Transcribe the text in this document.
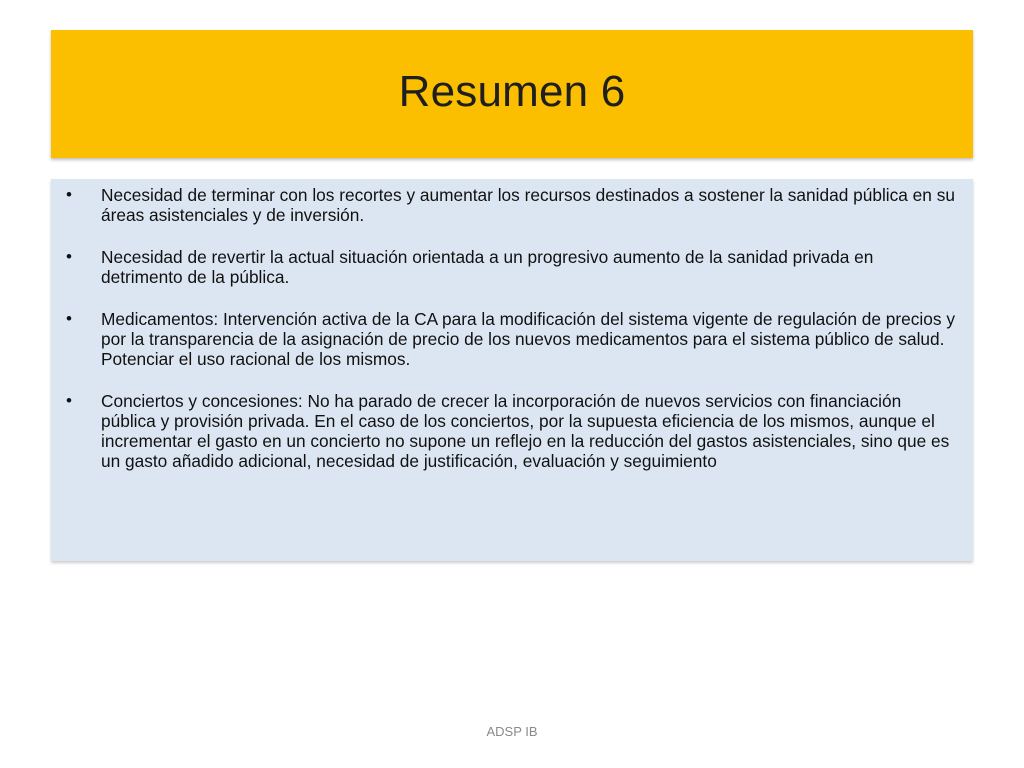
Resumen 6
•	Necesidad de terminar con los recortes y aumentar los recursos destinados a sostener la sanidad pública en su áreas asistenciales y de inversión.
•	Necesidad de revertir la actual situación orientada a un progresivo aumento de la sanidad privada en detrimento de la pública.
•	Medicamentos: Intervención activa de la CA para la modificación del sistema vigente de regulación de precios y por la transparencia de la asignación de precio de los nuevos medicamentos para el sistema público de salud. Potenciar el uso racional de los mismos.
•	Conciertos y concesiones: No ha parado de crecer la incorporación de nuevos servicios con financiación pública y provisión privada. En el caso de los conciertos, por la supuesta eficiencia de los mismos, aunque el incrementar el gasto en un concierto no supone un reflejo en la reducción del gastos asistenciales, sino que es un gasto añadido adicional, necesidad de justificación, evaluación y seguimiento
ADSP IB
